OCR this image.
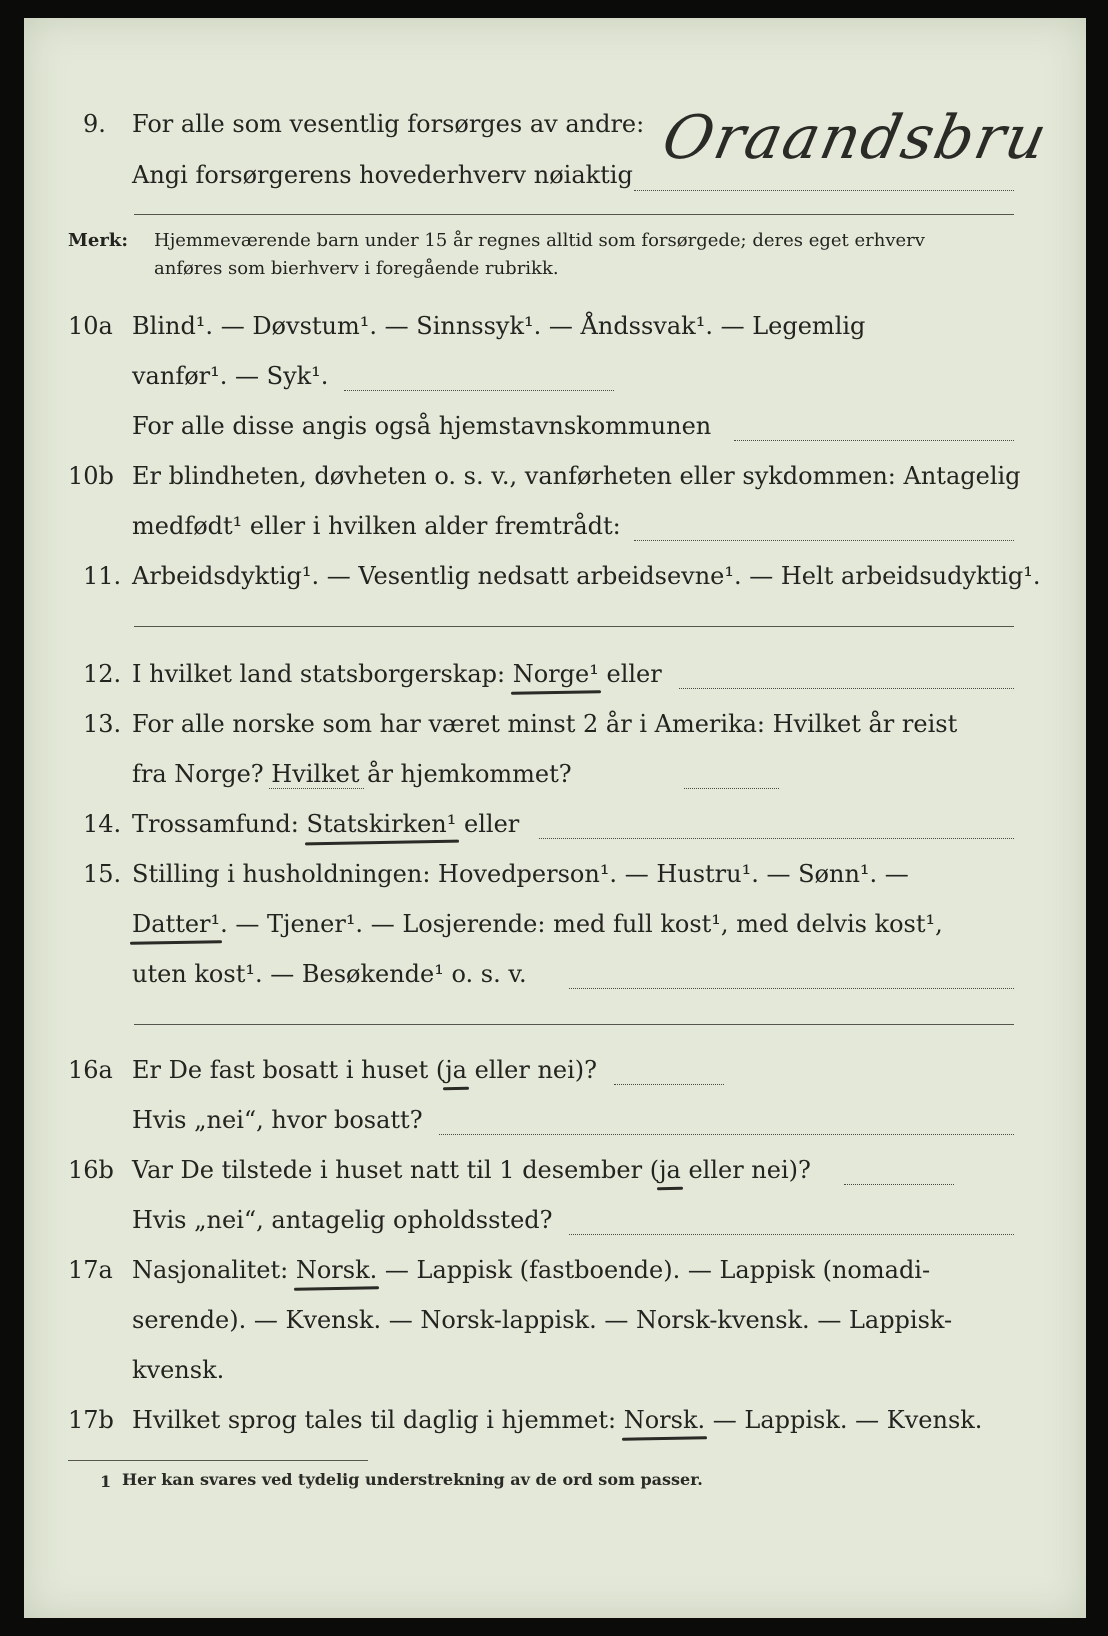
9. For alle som vesentlig forsørges av andre:
Angi forsørgerens hovederhverv nøiaktig
Oraandsbru
Merk: Hjemmeværende barn under 15 år regnes alltid som forsørgede; deres eget erhverv
anføres som bierhverv i foregående rubrikk.
10a Blind¹. — Døvstum¹. — Sinnssyk¹. — Åndssvak¹. — Legemlig
vanfør¹. — Syk¹.
For alle disse angis også hjemstavnskommunen
10b Er blindheten, døvheten o. s. v., vanførheten eller sykdommen: Antagelig
medfødt¹ eller i hvilken alder fremtrådt:
11. Arbeidsdyktig¹. — Vesentlig nedsatt arbeidsevne¹. — Helt arbeidsudyktig¹.
12. I hvilket land statsborgerskap: Norge¹ eller
13. For alle norske som har været minst 2 år i Amerika: Hvilket år reist
fra Norge? Hvilket år hjemkommet?
14. Trossamfund: Statskirken¹ eller
15. Stilling i husholdningen: Hovedperson¹. — Hustru¹. — Sønn¹. —
Datter¹. — Tjener¹. — Losjerende: med full kost¹, med delvis kost¹,
uten kost¹. — Besøkende¹ o. s. v.
16a Er De fast bosatt i huset (ja eller nei)?
Hvis „nei“, hvor bosatt?
16b Var De tilstede i huset natt til 1 desember (ja eller nei)?
Hvis „nei“, antagelig opholdssted?
17a Nasjonalitet: Norsk. — Lappisk (fastboende). — Lappisk (nomadi-
serende). — Kvensk. — Norsk-lappisk. — Norsk-kvensk. — Lappisk-
kvensk.
17b Hvilket sprog tales til daglig i hjemmet: Norsk. — Lappisk. — Kvensk.
1 Her kan svares ved tydelig understrekning av de ord som passer.
